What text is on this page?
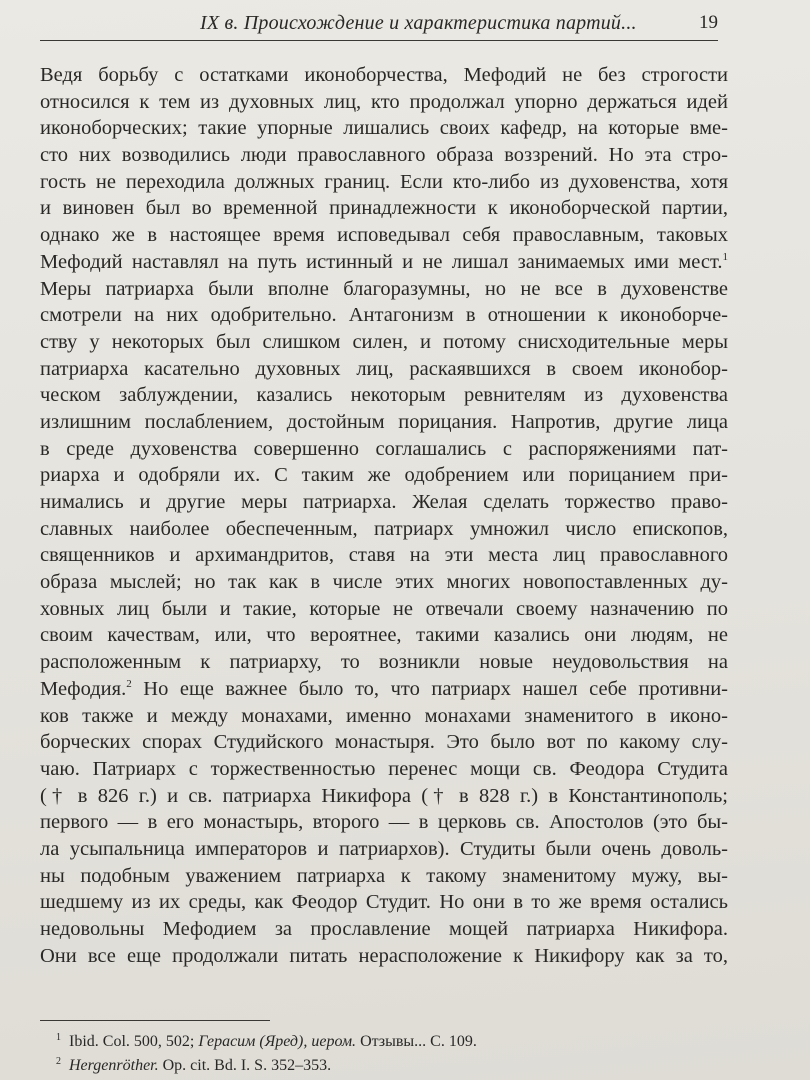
IX в. Происхождение и характеристика партий...	19
Ведя борьбу с остатками иконоборчества, Мефодий не без строгости
относился к тем из духовных лиц, кто продолжал упорно держаться идей
иконоборческих; такие упорные лишались своих кафедр, на которые вме-
сто них возводились люди православного образа воззрений. Но эта стро-
гость не переходила должных границ. Если кто-либо из духовенства, хотя
и виновен был во временной принадлежности к иконоборческой партии,
однако же в настоящее время исповедывал себя православным, таковых
Мефодий наставлял на путь истинный и не лишал занимаемых ими мест.$^1$
Меры патриарха были вполне благоразумны, но не все в духовенстве
смотрели на них одобрительно. Антагонизм в отношении к иконоборче-
ству у некоторых был слишком силен, и потому снисходительные меры
патриарха касательно духовных лиц, раскаявшихся в своем иконобор-
ческом заблуждении, казались некоторым ревнителям из духовенства
излишним послаблением, достойным порицания. Напротив, другие лица
в среде духовенства совершенно соглашались с распоряжениями пат-
риарха и одобряли их. С таким же одобрением или порицанием при-
нимались и другие меры патриарха. Желая сделать торжество право-
славных наиболее обеспеченным, патриарх умножил число епископов,
священников и архимандритов, ставя на эти места лиц православного
образа мыслей; но так как в числе этих многих новопоставленных ду-
ховных лиц были и такие, которые не отвечали своему назначению по
своим качествам, или, что вероятнее, такими казались они людям, не
расположенным к патриарху, то возникли новые неудовольствия на
Мефодия.$^2$ Но еще важнее было то, что патриарх нашел себе противни-
ков также и между монахами, именно монахами знаменитого в иконо-
борческих спорах Студийского монастыря. Это было вот по какому слу-
чаю. Патриарх с торжественностью перенес мощи св. Феодора Студита
(† в 826 г.) и св. патриарха Никифора († в 828 г.) в Константинополь;
первого — в его монастырь, второго — в церковь св. Апостолов (это бы-
ла усыпальница императоров и патриархов). Студиты были очень доволь-
ны подобным уважением патриарха к такому знаменитому мужу, вы-
шедшему из их среды, как Феодор Студит. Но они в то же время остались
недовольны Мефодием за прославление мощей патриарха Никифора.
Они все еще продолжали питать нерасположение к Никифору как за то,
$^1$ Ibid. Col. 500, 502; Герасим (Яред), иером. Отзывы... С. 109.
$^2$ Hergenröther. Op. cit. Bd. I. S. 352–353.
